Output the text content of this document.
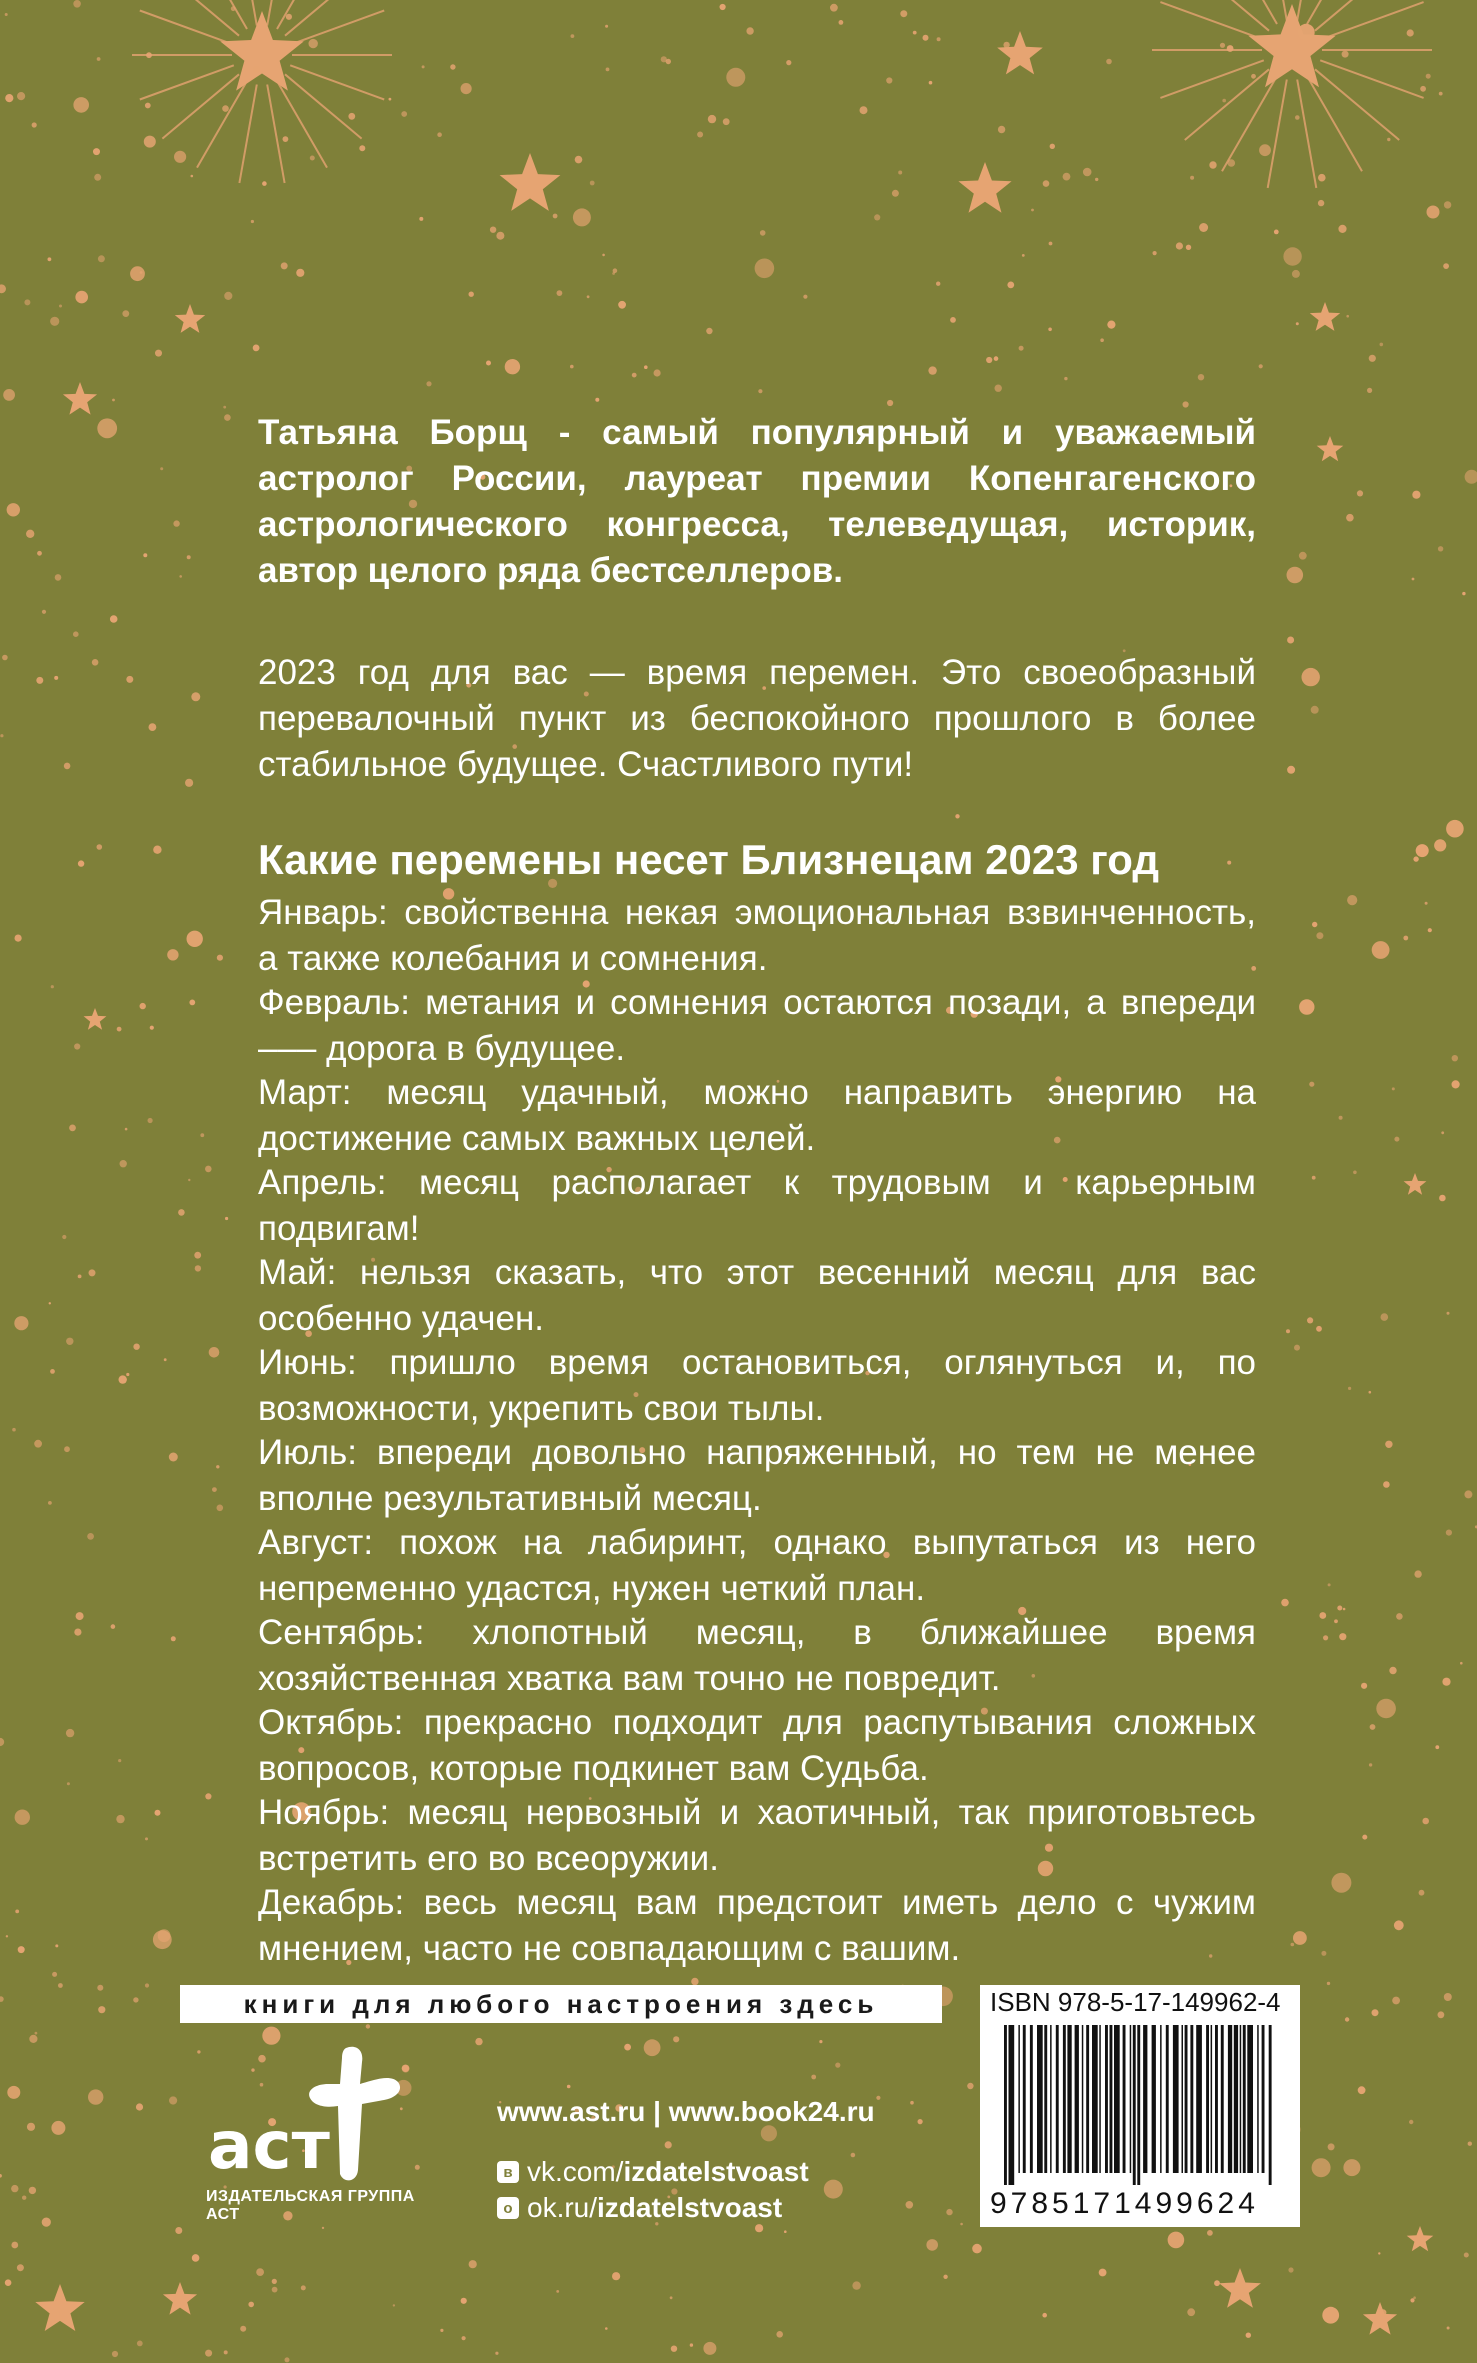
Татьяна Борщ - самый популярный и уважаемый астролог России, лауреат премии Копенгагенского астрологического конгресса, телеведущая, историк, автор целого ряда бестселлеров.

2023 год для вас — время перемен. Это своеобразный перевалочный пункт из беспокойного прошлого в более стабильное будущее. Счастливого пути!

Какие перемены несет Близнецам 2023 год

Январь: свойственна некая эмоциональная взвинченность, а также колебания и сомнения.

Февраль: метания и сомнения остаются позади, а впереди ––– дорога в будущее.

Март: месяц удачный, можно направить энергию на достижение самых важных целей.

Апрель: месяц располагает к трудовым и карьерным подвигам!

Май: нельзя сказать, что этот весенний месяц для вас особенно удачен.

Июнь: пришло время остановиться, оглянуться и, по возможности, укрепить свои тылы.

Июль: впереди довольно напряженный, но тем не менее вполне результативный месяц.

Август: похож на лабиринт, однако выпутаться из него непременно удастся, нужен четкий план.

Сентябрь: хлопотный месяц, в ближайшее время хозяйственная хватка вам точно не повредит.

Октябрь: прекрасно подходит для распутывания сложных вопросов, которые подкинет вам Судьба.

Ноябрь: месяц нервозный и хаотичный, так приготовьтесь встретить его во всеоружии.

Декабрь: весь месяц вам предстоит иметь дело с чужим мнением, часто не совпадающим с вашим.

книги для любого настроения здесь
аст
ИЗДАТЕЛЬСКАЯ ГРУППА АСТ
www.ast.ru | www.book24.ru
в vk.com/ izdatelstvoast
о ok.ru/ izdatelstvoast
ISBN 978-5-17-149962-4
9785171499624
